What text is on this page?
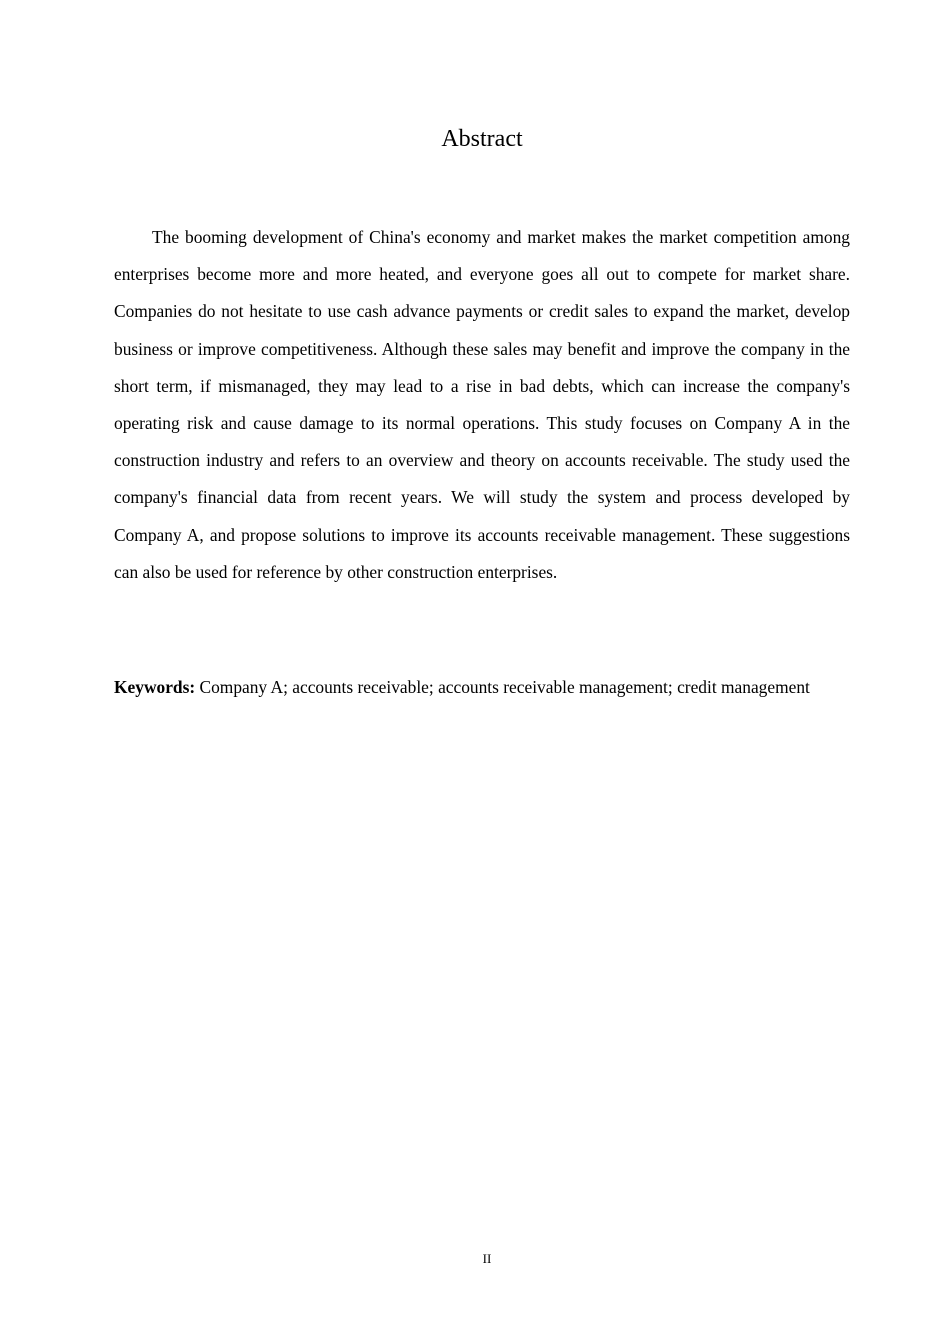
Abstract

The booming development of China's economy and market makes the market competition among enterprises become more and more heated, and everyone goes all out to compete for market share. Companies do not hesitate to use cash advance payments or credit sales to expand the market, develop business or improve competitiveness. Although these sales may benefit and improve the company in the short term, if mismanaged, they may lead to a rise in bad debts, which can increase the company's operating risk and cause damage to its normal operations. This study focuses on Company A in the construction industry and refers to an overview and theory on accounts receivable. The study used the company's financial data from recent years. We will study the system and process developed by Company A, and propose solutions to improve its accounts receivable management. These suggestions can also be used for reference by other construction enterprises.

Keywords: Company A; accounts receivable; accounts receivable management; credit management

II
